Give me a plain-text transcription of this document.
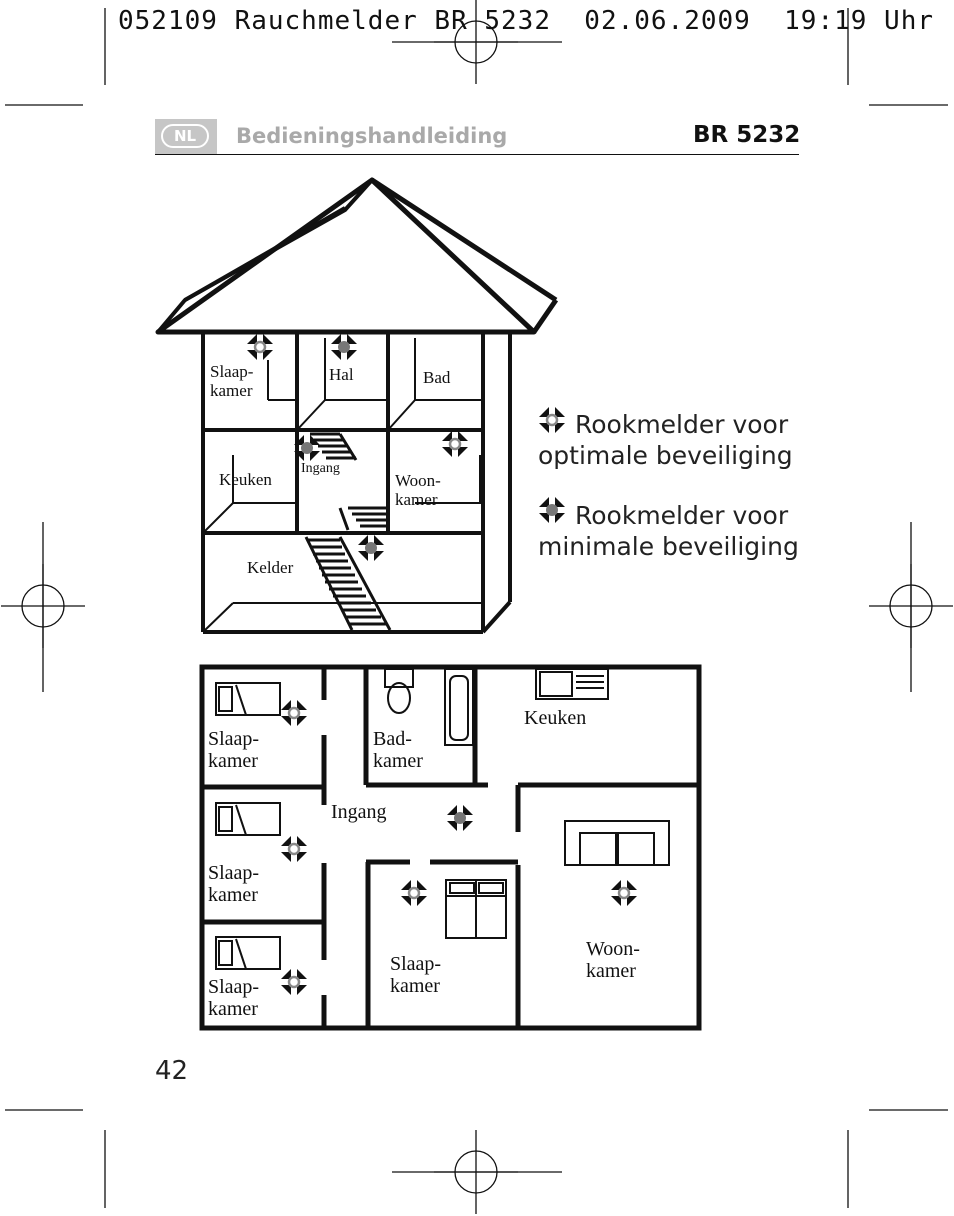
052109 Rauchmelder BR 5232  02.06.2009  19:19 Uhr
NL	Bedieningshandleiding	BR 5232
Rookmelder voor
optimale beveiliging
Rookmelder voor
minimale beveiliging
Slaap-
kamer
Hal	Bad
Keuken
Ingang
Woon-
kamer
Kelder
Slaap-
kamer
Slaap-
kamer
Slaap-
kamer
Bad-
kamer
Keuken
Ingang
Slaap-
kamer
Woon-
kamer
42
